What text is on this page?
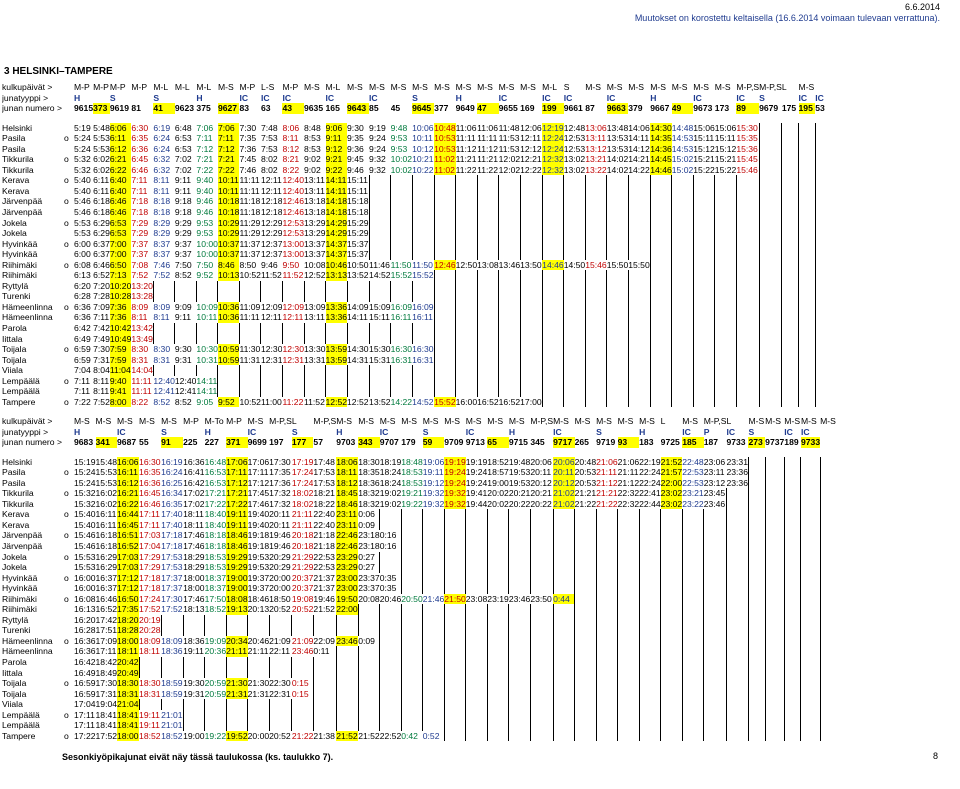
6.6.2014
Muutokset on korostettu keltaisella (16.6.2014 voimaan tulevaan verrattuna).
3 HELSINKI–TAMPERE
kulkupäivät >		M-P	M-P	M-P	M-P	M-L	M-L	M-L	M-S	M-P	L-S	M-P	M-S	M-L	M-S	M-S	M-S	M-S	M-S	M-S	M-S	M-S	M-S	M-L	S	M-S	M-S	M-S	M-S	M-S	M-S	M-S	M-P,S	M-P,S	L	M-S	
junatyyppi >		H		S		S		H		IC	IC	IC		IC		IC		S		H		IC		IC	IC		IC		H		IC		IC	S		IC	IC
junan numero >		9615	373	9619	81	41	9623	375	9627	83	63	43	9635	165	9643	85	45	9645	377	9649	47	9655	169	199	9661	87	9663	379	9667	49	9673	173	89	9679	175	195	53

Helsinki		5:19	5:48	6:06	6:30	6:19	6:48	7:06	7:06	7:30	7:48	8:06	8:48	9:06	9:30	9:19	9:48	10:06	10:48	11:06	11:06	11:48	12:06	12:19	12:48	13:06	13:48	14:06	14:30	14:48	15:06	15:06	15:30				
Pasila	o	5:24	5:53	6:11	6:35	6:24	6:53	7:11	7:11	7:35	7:53	8:11	8:53	9:11	9:35	9:24	9:53	10:11	10:53	11:11	11:11	11:53	12:11	12:24	12:53	13:11	13:53	14:11	14:35	14:53	15:11	15:11	15:35				
Pasila		5:24	5:53	6:12	6:36	6:24	6:53	7:12	7:12	7:36	7:53	8:12	8:53	9:12	9:36	9:24	9:53	10:12	10:53	11:12	11:12	11:53	12:12	12:24	12:53	13:12	13:53	14:12	14:36	14:53	15:12	15:12	15:36				
Tikkurila	o	5:32	6:02	6:21	6:45	6:32	7:02	7:21	7:21	7:45	8:02	8:21	9:02	9:21	9:45	9:32	10:02	10:21	11:02	11:21	11:21	12:02	12:21	12:32	13:02	13:21	14:02	14:21	14:45	15:02	15:21	15:21	15:45				
Tikkurila		5:32	6:02	6:22	6:46	6:32	7:02	7:22	7:22	7:46	8:02	8:22	9:02	9:22	9:46	9:32	10:02	10:22	11:02	11:22	11:22	12:02	12:22	12:32	13:02	13:22	14:02	14:22	14:46	15:02	15:22	15:22	15:46				
Kerava	o	5:40	6:11	6:40	7:11	8:11	9:11	9:40	10:11	11:11	12:11	12:40	13:11	14:11	15:11																						
Kerava		5:40	6:11	6:40	7:11	8:11	9:11	9:40	10:11	11:11	12:11	12:40	13:11	14:11	15:11																						
Järvenpää	o	5:46	6:18	6:46	7:18	8:18	9:18	9:46	10:18	11:18	12:18	12:46	13:18	14:18	15:18																						
Järvenpää		5:46	6:18	6:46	7:18	8:18	9:18	9:46	10:18	11:18	12:18	12:46	13:18	14:18	15:18																						
Jokela	o	5:53	6:29	6:53	7:29	8:29	9:29	9:53	10:29	11:29	12:29	12:53	13:29	14:29	15:29																						
Jokela		5:53	6:29	6:53	7:29	8:29	9:29	9:53	10:29	11:29	12:29	12:53	13:29	14:29	15:29																						
Hyvinkää	o	6:00	6:37	7:00	7:37	8:37	9:37	10:00	10:37	11:37	12:37	13:00	13:37	14:37	15:37																						
Hyvinkää		6:00	6:37	7:00	7:37	8:37	9:37	10:00	10:37	11:37	12:37	13:00	13:37	14:37	15:37																						
Riihimäki	o	6:08	6:46	6:50	7:08	7:46	7:50	7:50	8:46	8:50	9:46	9:50	10:08	10:46	10:50	11:46	11:50	11:50	12:46	12:50	13:08	13:46	13:50	14:46	14:50	15:46	15:50	15:50									
Riihimäki		6:13	6:52	7:13	7:52	7:52	8:52	9:52	10:13	10:52	11:52	11:52	12:52	13:13	13:52	14:52	15:52	15:52																			
Ryttylä		6:20	7:20	10:20	13:20																																
Turenki		6:28	7:28	10:28	13:28																																
Hämeenlinna	o	6:36	7:09	7:36	8:09	8:09	9:09	10:09	10:36	11:09	12:09	12:09	13:09	13:36	14:09	15:09	16:09	16:09																			
Hämeenlinna		6:36	7:11	7:36	8:11	8:11	9:11	10:11	10:36	11:11	12:11	12:11	13:11	13:36	14:11	15:11	16:11	16:11																			
Parola		6:42	7:42	10:42	13:42																																
Iittala		6:49	7:49	10:49	13:49																																
Toijala	o	6:59	7:30	7:59	8:30	8:30	9:30	10:30	10:59	11:30	12:30	12:30	13:30	13:59	14:30	15:30	16:30	16:30																			
Toijala		6:59	7:31	7:59	8:31	8:31	9:31	10:31	10:59	11:31	12:31	12:31	13:31	13:59	14:31	15:31	16:31	16:31																			
Viiala		7:04	8:04	11:04	14:04																																
Lempäälä	o	7:11	8:11	9:40	11:11	12:40	12:40	14:11																													
Lempäälä		7:11	8:11	9:41	11:11	12:41	12:41	14:11																													
Tampere	o	7:22	7:52	8:00	8:22	8:52	8:52	9:05	9:52	10:52	11:00	11:22	11:52	12:52	12:52	13:52	14:22	14:52	15:52	16:00	16:52	16:52	17:00														
kulkupäivät >		M-S	M-S	M-S	M-S	M-S	M-P	M-To	M-P	M-S	M-P,S	L	M-P,S	M-S	M-S	M-S	M-S	M-S	M-S	M-S	M-S	M-S	M-P,S	M-S	M-S	M-S	M-S	M-S	L	M-S	M-P,S	L	M-S	M-S	M-S	M-S	M-S
junatyyppi >		H		IC		S		H		IC		S		H		IC		S		IC		H		IC		S		H		IC	P	IC	S		IC	IC	
junan numero >		9683	341	9687	55	91	225	227	371	9699	197	177	57	9703	343	9707	179	59	9709	9713	65	9715	345	9717	265	9719	93	183	9725	185	187	9733	273	9737	189	9733	

Helsinki		15:19	15:48	16:06	16:30	16:19	16:36	16:48	17:06	17:06	17:30	17:19	17:48	18:06	18:30	18:19	18:48	19:06	19:19	19:19	18:52	19:48	20:06	20:06	20:48	21:06	21:06	22:19	21:52	22:48	23:06	23:31					
Pasila	o	15:24	15:53	16:11	16:35	16:24	16:41	16:53	17:11	17:11	17:35	17:24	17:53	18:11	18:35	18:24	18:53	19:11	19:24	19:24	18:57	19:53	20:11	20:11	20:53	21:11	21:11	22:24	21:57	22:53	23:11	23:36					
Pasila		15:24	15:53	16:12	16:36	16:25	16:42	16:53	17:12	17:12	17:36	17:24	17:53	18:12	18:36	18:24	18:53	19:12	19:24	19:24	19:00	19:53	20:12	20:12	20:53	21:12	21:12	22:24	22:00	22:53	23:12	23:36					
Tikkurila	o	15:32	16:02	16:21	16:45	16:34	17:02	17:21	17:21	17:45	17:32	18:02	18:21	18:45	18:32	19:02	19:21	19:32	19:32	19:41	20:02	20:21	20:21	21:02	21:21	21:21	22:32	22:41	23:02	23:21	23:45						
Tikkurila		15:32	16:02	16:22	16:46	16:35	17:02	17:22	17:22	17:46	17:32	18:02	18:22	18:46	18:32	19:02	19:22	19:32	19:32	19:44	20:02	20:22	20:22	21:02	21:22	21:22	22:32	22:44	23:02	23:22	23:46						
Kerava	o	15:40	16:11	16:44	17:11	17:40	18:11	18:40	19:11	19:40	20:11	21:11	22:40	23:11	0:06																						
Kerava		15:40	16:11	16:45	17:11	17:40	18:11	18:40	19:11	19:40	20:11	21:11	22:40	23:11	0:09																						
Järvenpää	o	15:46	16:18	16:51	17:03	17:18	17:46	18:18	18:46	19:18	19:46	20:18	21:18	22:46	23:18	0:16																					
Järvenpää		15:46	16:18	16:52	17:04	17:18	17:46	18:18	18:46	19:18	19:46	20:18	21:18	22:46	23:18	0:16																					
Jokela	o	15:53	16:29	17:03	17:29	17:53	18:29	18:53	19:29	19:53	20:29	21:29	22:53	23:29	0:27																						
Jokela		15:53	16:29	17:03	17:29	17:53	18:29	18:53	19:29	19:53	20:29	21:29	22:53	23:29	0:27																						
Hyvinkää	o	16:00	16:37	17:12	17:18	17:37	18:00	18:37	19:00	19:37	20:00	20:37	21:37	23:00	23:37	0:35																					
Hyvinkää		16:00	16:37	17:12	17:18	17:37	18:00	18:37	19:00	19:37	20:00	20:37	21:37	23:00	23:37	0:35																					
Riihimäki	o	16:08	16:46	16:50	17:24	17:30	17:46	17:50	18:08	18:46	18:50	19:08	19:46	19:50	20:08	20:46	20:50	21:46	21:50	23:08	23:19	23:46	23:50	0:44													
Riihimäki		16:13	16:52	17:35	17:52	17:52	18:13	18:52	19:13	20:13	20:52	20:52	21:52	22:00																							
Ryttylä		16:20	17:42	18:20	20:19																																
Turenki		16:28	17:51	18:28	20:28																																
Hämeenlinna	o	16:36	17:09	18:00	18:09	18:09	18:36	19:09	20:34	20:46	21:09	21:09	22:09	23:46	0:09																						
Hämeenlinna		16:36	17:11	18:11	18:11	18:36	19:11	20:36	21:11	21:11	22:11	23:46	0:11																								
Parola		16:42	18:42	20:42																																	
Iittala		16:49	18:49	20:49																																	
Toijala	o	16:59	17:30	18:30	18:30	18:59	19:30	20:59	21:30	21:30	22:30	0:15																									
Toijala		16:59	17:31	18:31	18:31	18:59	19:31	20:59	21:31	21:31	22:31	0:15																									
Viiala		17:04	19:04	21:04																																	
Lempäälä	o	17:11	18:41	18:41	19:11	21:01																															
Lempäälä		17:11	18:41	18:41	19:11	21:01																															
Tampere	o	17:22	17:52	18:00	18:52	18:52	19:00	19:22	19:52	20:00	20:52	21:22	21:38	21:52	21:52	22:52	0:42	0:52																			
Sesonkiyöpikajunat eivät näy tässä taulukossa (ks. taulukko 7).	8
